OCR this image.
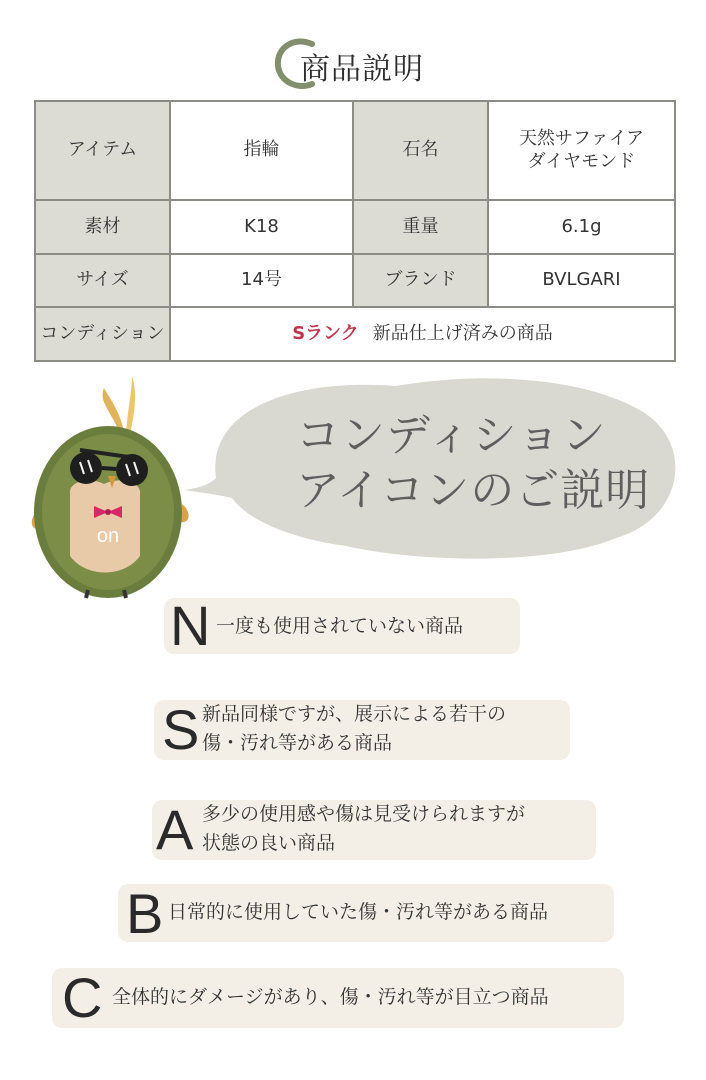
商品説明
アイテム	指輪	石名	天然サファイア
ダイヤモンド
素材	K18	重量	6.1g
サイズ	14号	ブランド	BVLGARI
コンディション	Sランク 新品仕上げ済みの商品		
on
コンディション
アイコンのご説明
N 一度も使用されていない商品
S 新品同様ですが、展示による若干の
傷・汚れ等がある商品
A 多少の使用感や傷は見受けられますが
状態の良い商品
B 日常的に使用していた傷・汚れ等がある商品
C 全体的にダメージがあり、傷・汚れ等が目立つ商品
